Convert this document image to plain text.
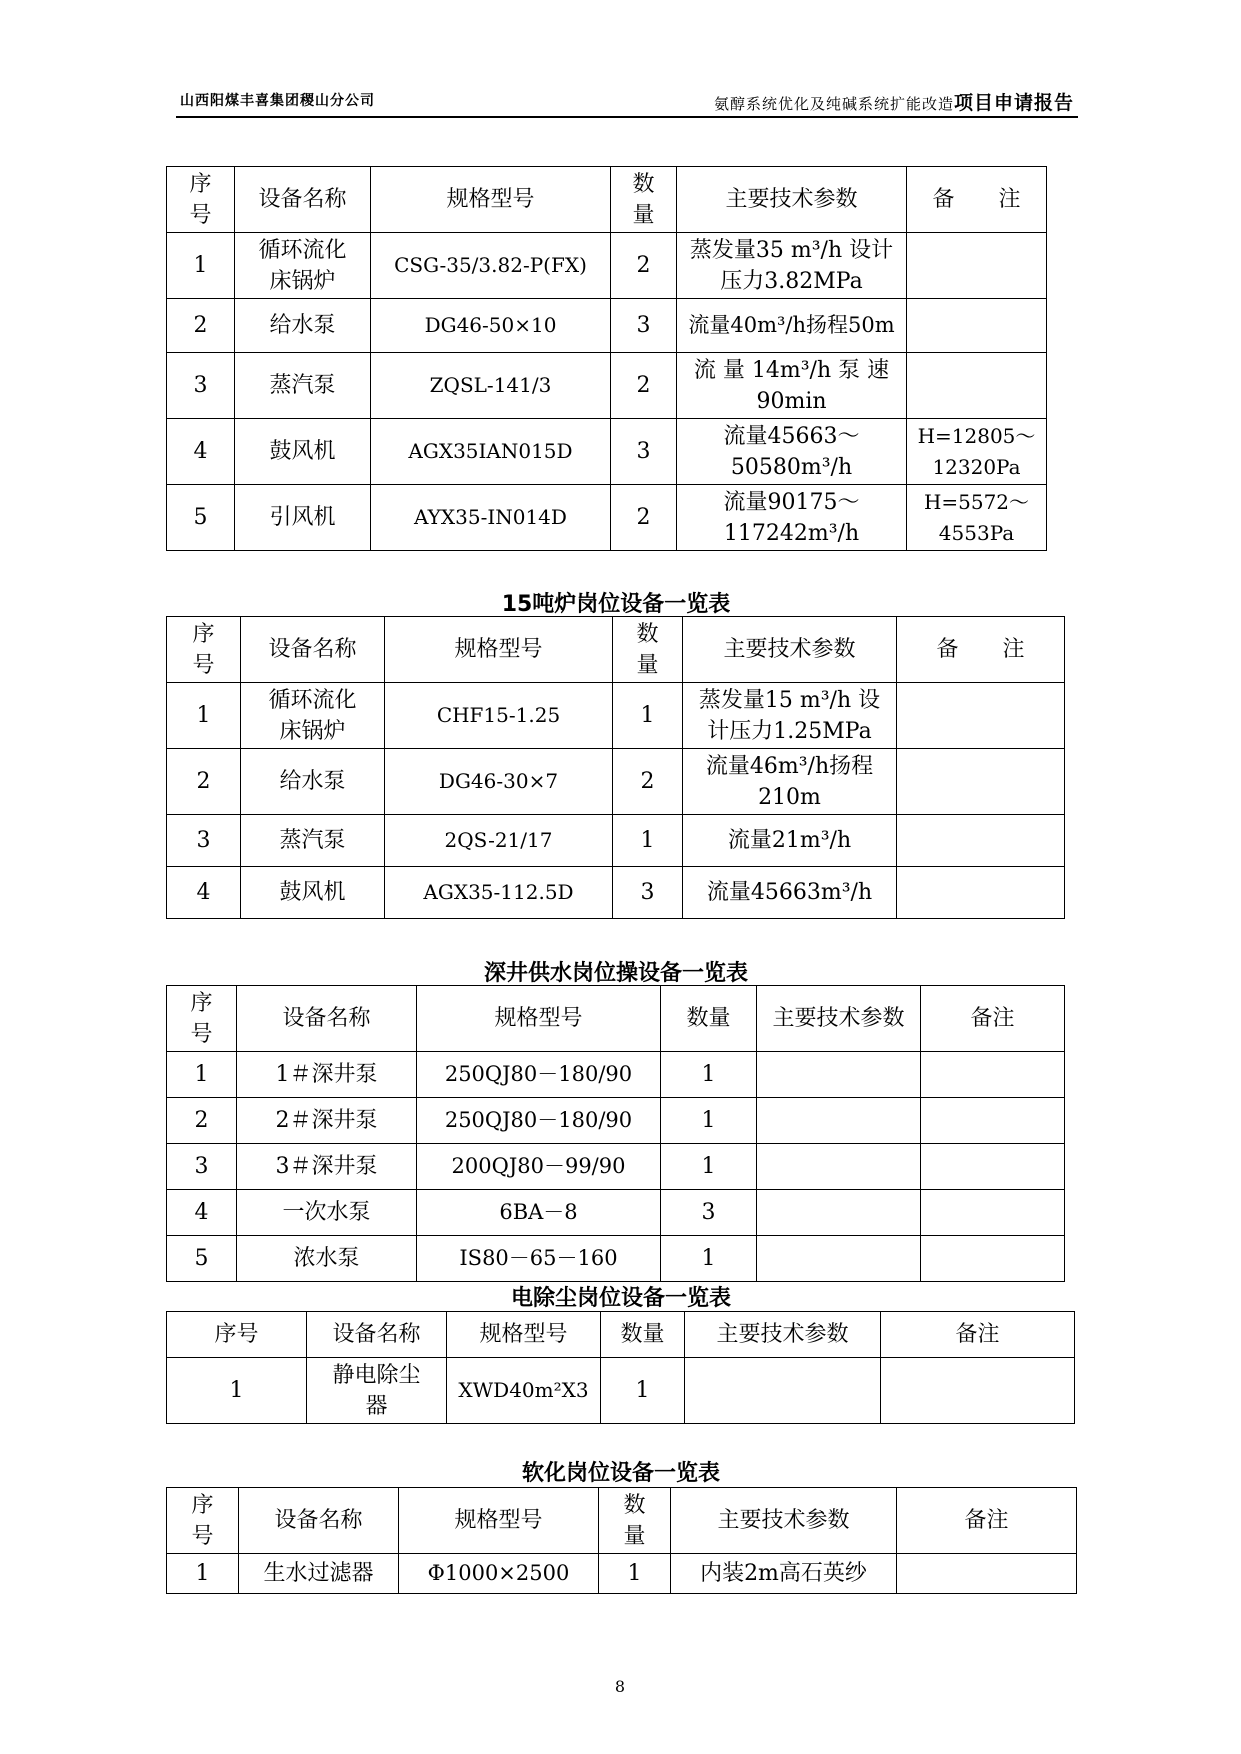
山西阳煤丰喜集团稷山分公司	氨醇系统优化及纯碱系统扩能改造项目申请报告
序号	设备名称	规格型号	数量	主要技术参数	备　　注
1	循环流化床锅炉	CSG-35/3.82-P(FX)	2	蒸发量35 m³/h 设计压力3.82MPa	
2	给水泵	DG46-50×10	3	流量40m³/h扬程50m	
3	蒸汽泵	ZQSL-141/3	2	流 量 14m³/h 泵 速 90min	
4	鼓风机	AGX35IAN015D	3	流量45663～50580m³/h	H=12805～12320Pa
5	引风机	AYX35-IN014D	2	流量90175～117242m³/h	H=5572～4553Pa
15吨炉岗位设备一览表
序号	设备名称	规格型号	数量	主要技术参数	备　　注
1	循环流化床锅炉	CHF15-1.25	1	蒸发量15 m³/h 设计压力1.25MPa	
2	给水泵	DG46-30×7	2	流量46m³/h扬程210m	
3	蒸汽泵	2QS-21/17	1	流量21m³/h	
4	鼓风机	AGX35-112.5D	3	流量45663m³/h	
深井供水岗位操设备一览表
序号	设备名称	规格型号	数量	主要技术参数	备注
1	1＃深井泵	250QJ80－180/90	1		
2	2＃深井泵	250QJ80－180/90	1		
3	3＃深井泵	200QJ80－99/90	1		
4	一次水泵	6BA－8	3		
5	浓水泵	IS80－65－160	1		
电除尘岗位设备一览表
序号	设备名称	规格型号	数量	主要技术参数	备注
1	静电除尘器	XWD40m²X3	1		
软化岗位设备一览表
序号	设备名称	规格型号	数量	主要技术参数	备注
1	生水过滤器	Φ1000×2500	1	内装2m高石英纱	
8
